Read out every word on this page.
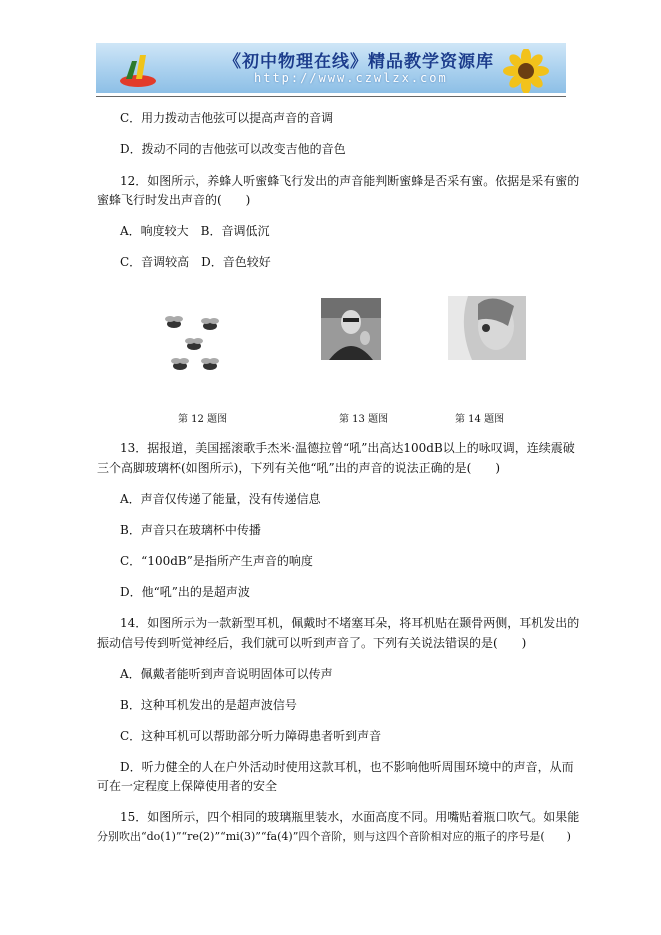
《初中物理在线》精品教学资源库
http://www.czwlzx.com
C．用力拨动吉他弦可以提高声音的音调
D．拨动不同的吉他弦可以改变吉他的音色
12．如图所示，养蜂人听蜜蜂飞行发出的声音能判断蜜蜂是否采有蜜。依据是采有蜜的
蜜蜂飞行时发出声音的(　　)
A．响度较大　B．音调低沉
C．音调较高　D．音色较好
第 12 题图	第 13 题图	第 14 题图
13．据报道，美国摇滚歌手杰米·温德拉曾“吼”出高达100dB以上的咏叹调，连续震破
三个高脚玻璃杯(如图所示)，下列有关他“吼”出的声音的说法正确的是(　　)
A．声音仅传递了能量，没有传递信息
B．声音只在玻璃杯中传播
C．“100dB”是指所产生声音的响度
D．他“吼”出的是超声波
14．如图所示为一款新型耳机，佩戴时不堵塞耳朵，将耳机贴在颞骨两侧，耳机发出的
振动信号传到听觉神经后，我们就可以听到声音了。下列有关说法错误的是(　　)
A．佩戴者能听到声音说明固体可以传声
B．这种耳机发出的是超声波信号
C．这种耳机可以帮助部分听力障碍患者听到声音
D．听力健全的人在户外活动时使用这款耳机，也不影响他听周围环境中的声音，从而
可在一定程度上保障使用者的安全
15．如图所示，四个相同的玻璃瓶里装水，水面高度不同。用嘴贴着瓶口吹气。如果能
分别吹出“do(1)”“re(2)”“mi(3)”“fa(4)”四个音阶，则与这四个音阶相对应的瓶子的序号是(　　)
